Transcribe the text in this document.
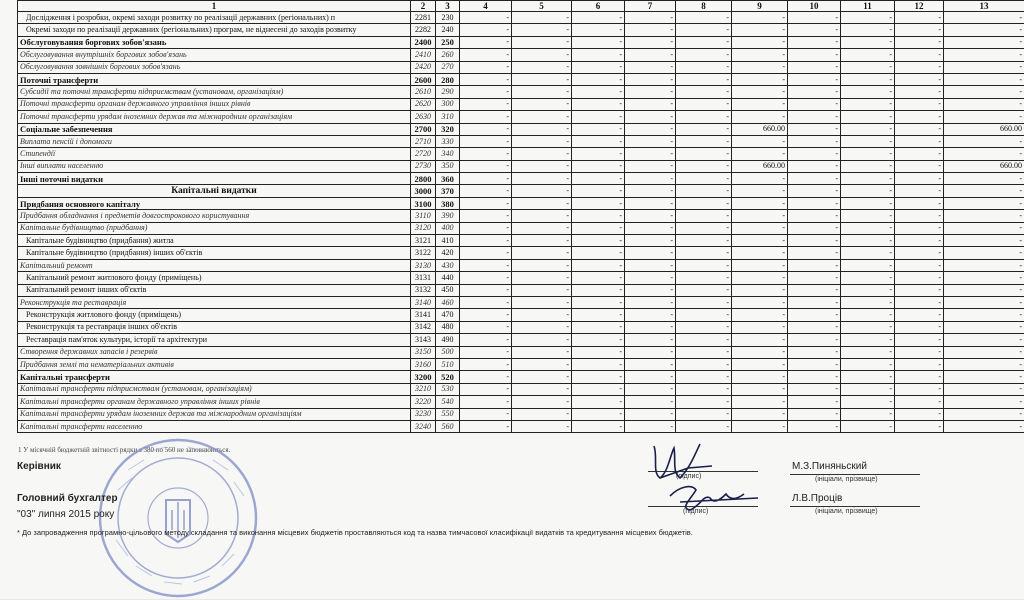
1	2	3	4	5	6	7	8	9	10	11	12	13
Дослідження і розробки, окремі заходи розвитку по реалізації державних (регіональних) п	2281	230	-	-	-	-	-	-	-	-	-	-
Окремі заходи по реалізації державних (регіональних) програм, не віднесені до заходів розвитку	2282	240	-	-	-	-	-	-	-	-	-	-
Обслуговування боргових зобов'язань	2400	250	-	-	-	-	-	-	-	-	-	-
Обслуговування внутрішніх боргових зобов'язань	2410	260	-	-	-	-	-	-	-	-	-	-
Обслуговування зовнішніх боргових зобов'язань	2420	270	-	-	-	-	-	-	-	-	-	-
Поточні трансферти	2600	280	-	-	-	-	-	-	-	-	-	-
Субсидії та поточні трансферти підприємствам (установам, організаціям)	2610	290	-	-	-	-	-	-	-	-	-	-
Поточні трансферти органам державного управління інших рівнів	2620	300	-	-	-	-	-	-	-	-	-	-
Поточні трансферти урядам іноземних держав та міжнародним організаціям	2630	310	-	-	-	-	-	-	-	-	-	-
Соціальне забезпечення	2700	320	-	-	-	-	-	660.00	-	-	-	660.00
Виплата пенсій і допомоги	2710	330	-	-	-	-	-	-	-	-	-	-
Стипендії	2720	340	-	-	-	-	-	-	-	-	-	-
Інші виплати населенню	2730	350	-	-	-	-	-	660.00	-	-	-	660.00
Інші поточні видатки	2800	360	-	-	-	-	-	-	-	-	-	-
Капітальні видатки	3000	370	-	-	-	-	-	-	-	-	-	-
Придбання основного капіталу	3100	380	-	-	-	-	-	-	-	-	-	-
Придбання обладнання і предметів довгострокового користування	3110	390	-	-	-	-	-	-	-	-	-	-
Капітальне будівництво (придбання)	3120	400	-	-	-	-	-	-	-	-	-	-
Капітальне будівництво (придбання) житла	3121	410	-	-	-	-	-	-	-	-	-	-
Капітальне будівництво (придбання) інших об'єктів	3122	420	-	-	-	-	-	-	-	-	-	-
Капітальний ремонт	3130	430	-	-	-	-	-	-	-	-	-	-
Капітальний ремонт житлового фонду (приміщень)	3131	440	-	-	-	-	-	-	-	-	-	-
Капітальний ремонт інших об'єктів	3132	450	-	-	-	-	-	-	-	-	-	-
Реконструкція та реставрація	3140	460	-	-	-	-	-	-	-	-	-	-
Реконструкція житлового фонду (приміщень)	3141	470	-	-	-	-	-	-	-	-	-	-
Реконструкція та реставрація інших об'єктів	3142	480	-	-	-	-	-	-	-	-	-	-
Реставрація пам'яток культури, історії та архітектури	3143	490	-	-	-	-	-	-	-	-	-	-
Створення державних запасів і резервів	3150	500	-	-	-	-	-	-	-	-	-	-
Придбання землі та нематеріальних активів	3160	510	-	-	-	-	-	-	-	-	-	-
Капітальні трансферти	3200	520	-	-	-	-	-	-	-	-	-	-
Капітальні трансферти підприємствам (установам, організаціям)	3210	530	-	-	-	-	-	-	-	-	-	-
Капітальні трансферти органам державного управління інших рівнів	3220	540	-	-	-	-	-	-	-	-	-	-
Капітальні трансферти урядам іноземних держав та міжнародним організаціям	3230	550	-	-	-	-	-	-	-	-	-	-
Капітальні трансферти населенню	3240	560	-	-	-	-	-	-	-	-	-	-
1 У місячній бюджетній звітності рядки з 380 по 560 не заповнюються.
Керівник
Головний бухгалтер
"03" липня 2015 року
(підпис)
М.З.Пиняньский
(ініціали, прізвище)
(підпис)
Л.В.Проців
(ініціали, прізвище)
* До запровадження програмно-цільового методу складання та виконання місцевих бюджетів проставляються код та назва тимчасової класифікації видатків та кредитування місцевих бюджетів.
